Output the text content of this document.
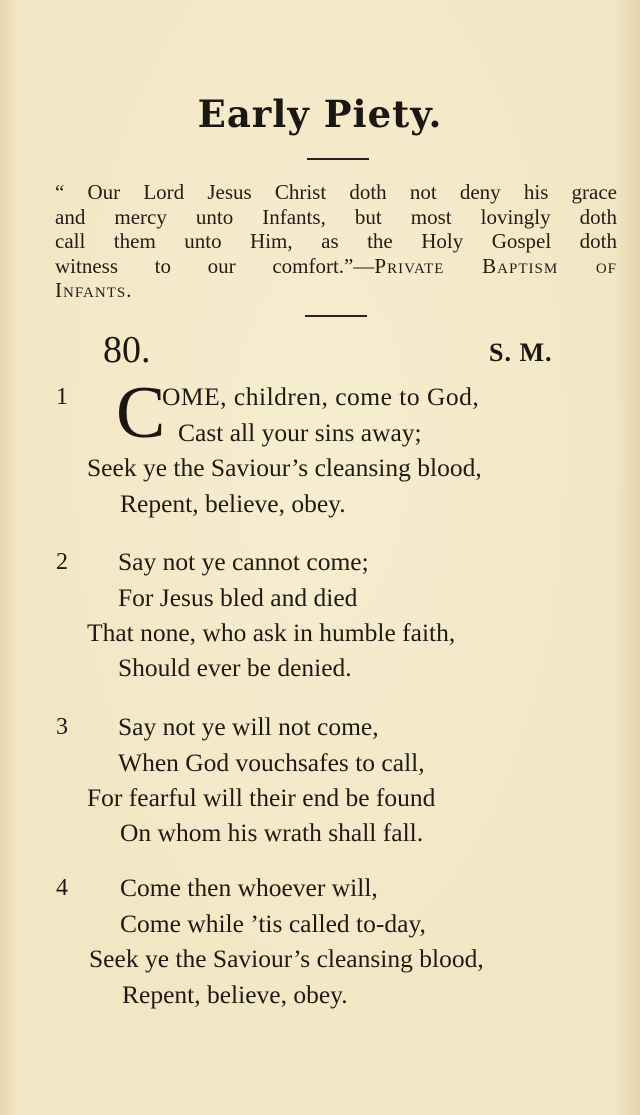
Early Piety.
“ Our Lord Jesus Christ doth not deny his grace
and mercy unto Infants, but most lovingly doth
call them unto Him, as the Holy Gospel doth
witness to our comfort.”—Private Baptism of
Infants.
80.	S. M.
1 C
OME, children, come to God,
Cast all your sins away;
Seek ye the Saviour’s cleansing blood,
Repent, believe, obey.
2 Say not ye cannot come;
For Jesus bled and died
That none, who ask in humble faith,
Should ever be denied.
3 Say not ye will not come,
When God vouchsafes to call,
For fearful will their end be found
On whom his wrath shall fall.
4 Come then whoever will,
Come while ’tis called to-day,
Seek ye the Saviour’s cleansing blood,
Repent, believe, obey.
